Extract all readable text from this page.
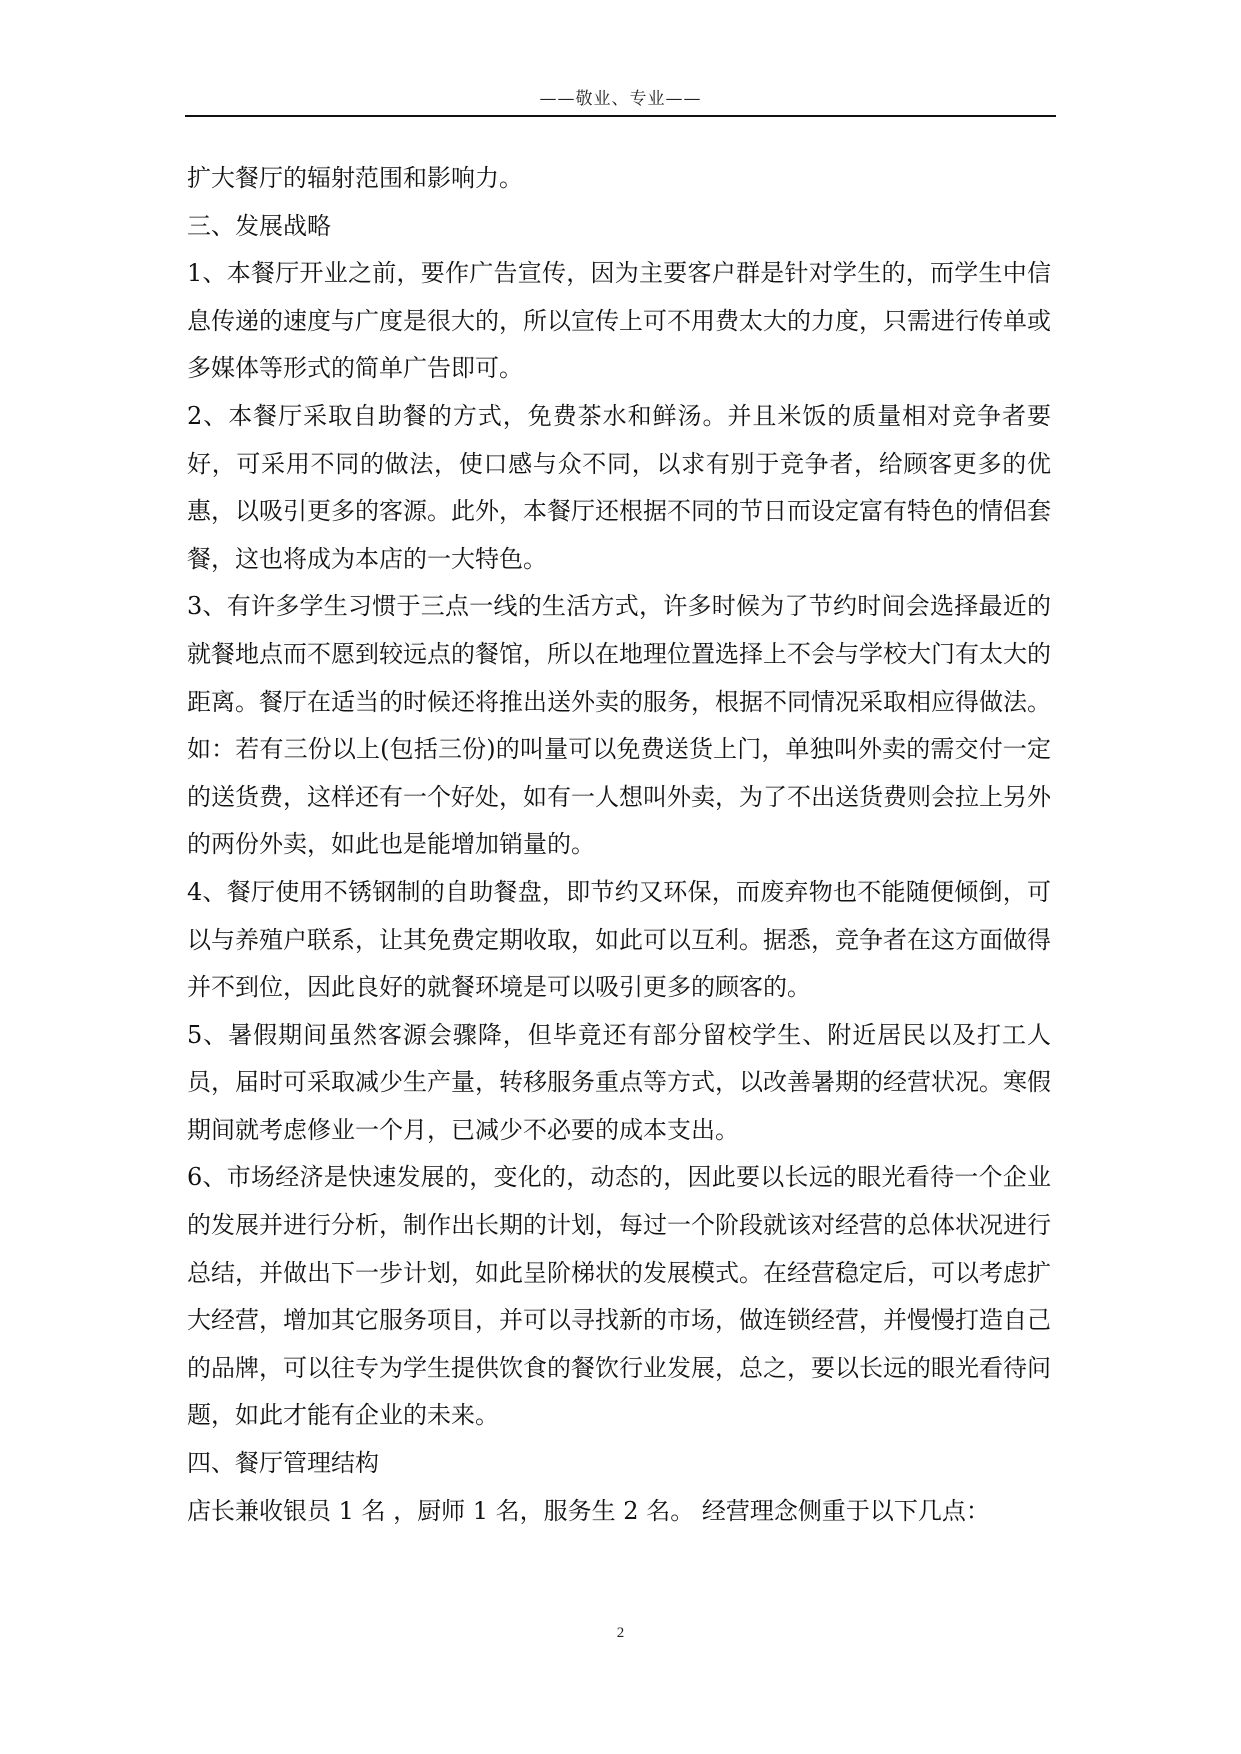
——敬业、专业——

扩大餐厅的辐射范围和影响力。

三、发展战略

1、本餐厅开业之前，要作广告宣传，因为主要客户群是针对学生的，而学生中信息传递的速度与广度是很大的，所以宣传上可不用费太大的力度，只需进行传单或多媒体等形式的简单广告即可。

2、本餐厅采取自助餐的方式，免费茶水和鲜汤。并且米饭的质量相对竞争者要好，可采用不同的做法，使口感与众不同，以求有别于竞争者，给顾客更多的优惠，以吸引更多的客源。此外，本餐厅还根据不同的节日而设定富有特色的情侣套餐，这也将成为本店的一大特色。

3、有许多学生习惯于三点一线的生活方式，许多时候为了节约时间会选择最近的就餐地点而不愿到较远点的餐馆，所以在地理位置选择上不会与学校大门有太大的距离。餐厅在适当的时候还将推出送外卖的服务，根据不同情况采取相应得做法。如：若有三份以上(包括三份)的叫量可以免费送货上门，单独叫外卖的需交付一定的送货费，这样还有一个好处，如有一人想叫外卖，为了不出送货费则会拉上另外的两份外卖，如此也是能增加销量的。

4、餐厅使用不锈钢制的自助餐盘，即节约又环保，而废弃物也不能随便倾倒，可以与养殖户联系，让其免费定期收取，如此可以互利。据悉，竞争者在这方面做得并不到位，因此良好的就餐环境是可以吸引更多的顾客的。

5、暑假期间虽然客源会骤降，但毕竟还有部分留校学生、附近居民以及打工人员，届时可采取减少生产量，转移服务重点等方式，以改善暑期的经营状况。寒假期间就考虑修业一个月，已减少不必要的成本支出。

6、市场经济是快速发展的，变化的，动态的，因此要以长远的眼光看待一个企业的发展并进行分析，制作出长期的计划，每过一个阶段就该对经营的总体状况进行总结，并做出下一步计划，如此呈阶梯状的发展模式。在经营稳定后，可以考虑扩大经营，增加其它服务项目，并可以寻找新的市场，做连锁经营，并慢慢打造自己的品牌，可以往专为学生提供饮食的餐饮行业发展，总之，要以长远的眼光看待问题，如此才能有企业的未来。

四、餐厅管理结构

店长兼收银员 1 名 ，厨师 1 名，服务生 2 名。 经营理念侧重于以下几点：

2
